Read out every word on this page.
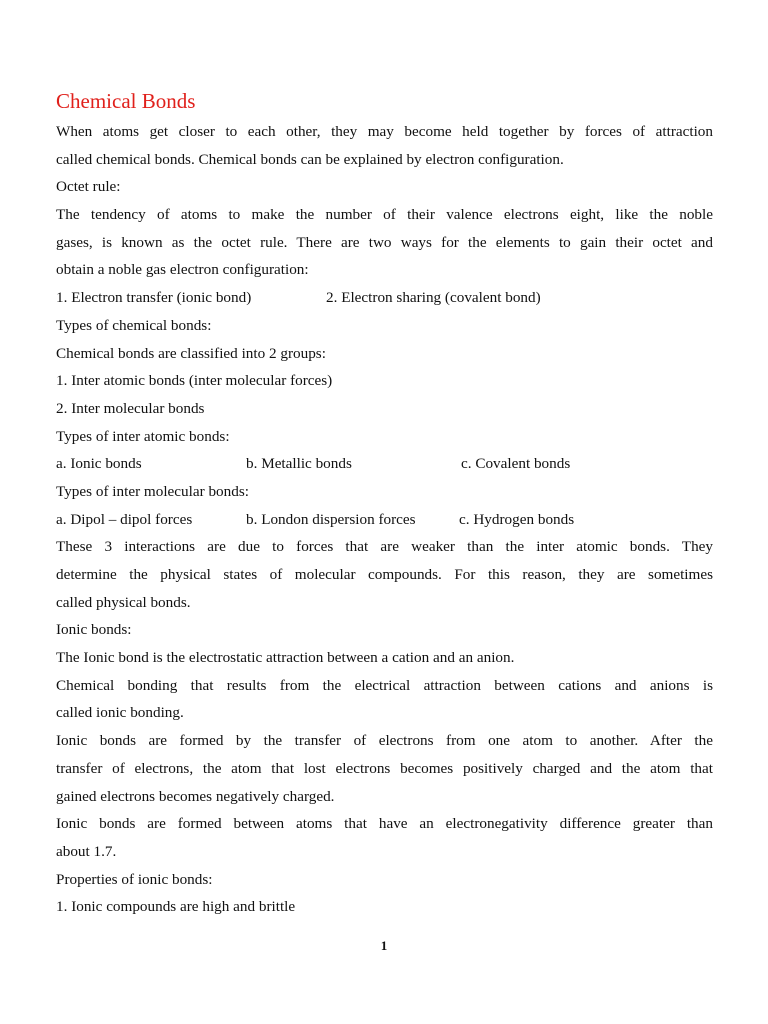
Chemical Bonds
When atoms get closer to each other, they may become held together by forces of attraction
called chemical bonds. Chemical bonds can be explained by electron configuration.
Octet rule:
The tendency of atoms to make the number of their valence electrons eight, like the noble
gases, is known as the octet rule. There are two ways for the elements to gain their octet and
obtain a noble gas electron configuration:
1. Electron transfer (ionic bond)	2. Electron sharing (covalent bond)
Types of chemical bonds:
Chemical bonds are classified into 2 groups:
1. Inter atomic bonds (inter molecular forces)
2. Inter molecular bonds
Types of inter atomic bonds:
a. Ionic bonds	b. Metallic bonds	c. Covalent bonds
Types of inter molecular bonds:
a. Dipol – dipol forces	b. London dispersion forces	c. Hydrogen bonds
These 3 interactions are due to forces that are weaker than the inter atomic bonds. They
determine the physical states of molecular compounds. For this reason, they are sometimes
called physical bonds.
Ionic bonds:
The Ionic bond is the electrostatic attraction between a cation and an anion.
Chemical bonding that results from the electrical attraction between cations and anions is
called ionic bonding.
Ionic bonds are formed by the transfer of electrons from one atom to another. After the
transfer of electrons, the atom that lost electrons becomes positively charged and the atom that
gained electrons becomes negatively charged.
Ionic bonds are formed between atoms that have an electronegativity difference greater than
about 1.7.
Properties of ionic bonds:
1. Ionic compounds are high and brittle
1
